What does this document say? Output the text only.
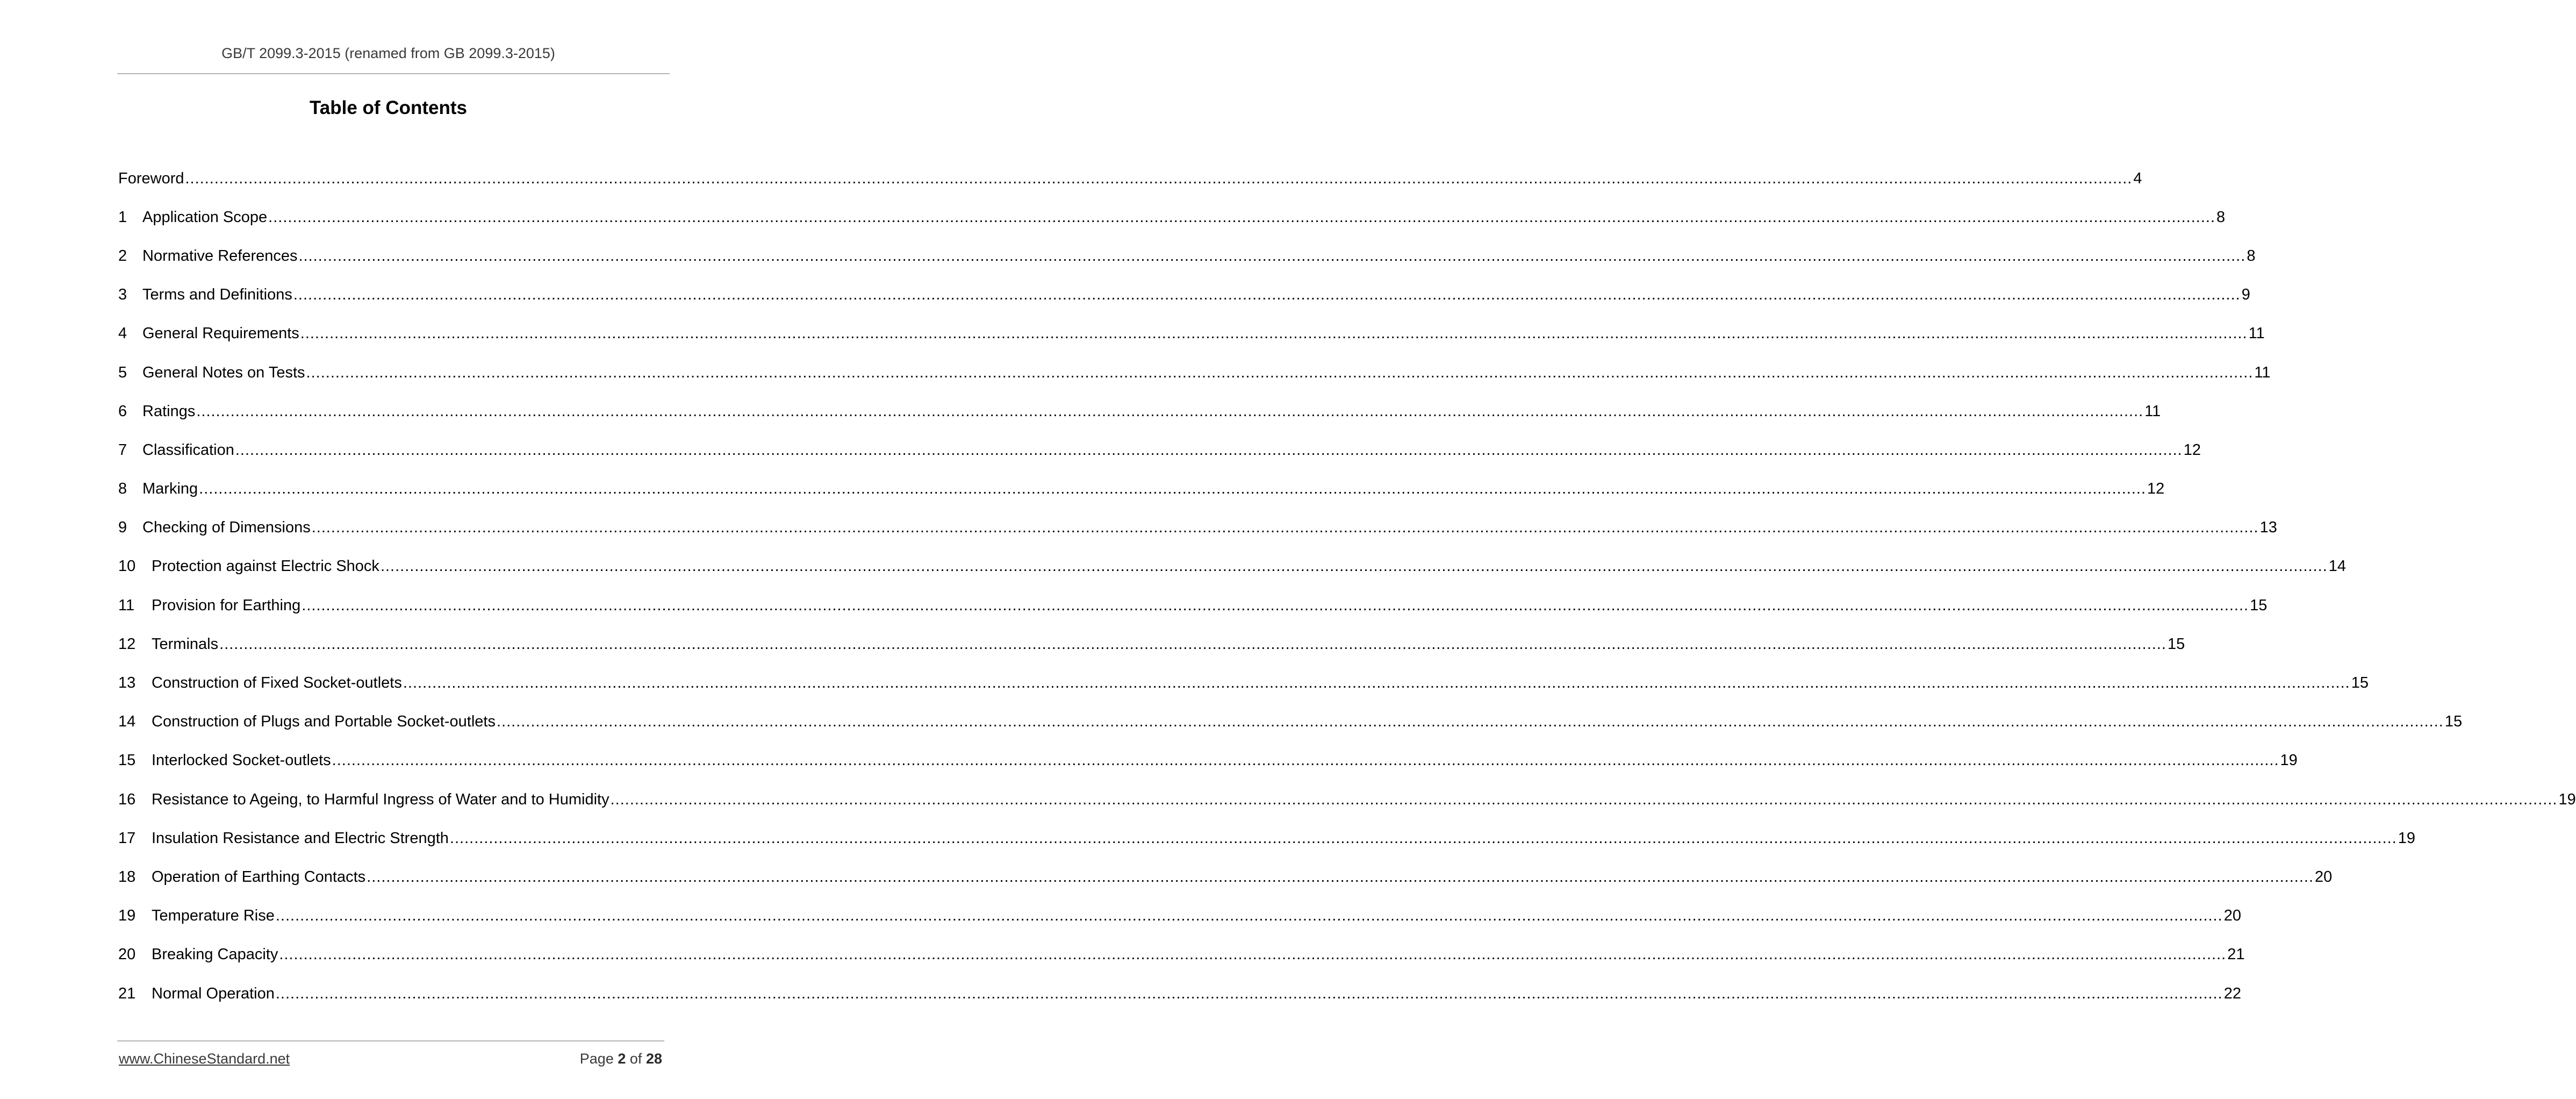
GB/T 2099.3-2015 (renamed from GB 2099.3-2015)
Table of Contents
Foreword ................................................................................................................................................................................................................................................................................................................................................................................................................ 4
1 Application Scope ................................................................................................................................................................................................................................................................................................................................................................................................................ 8
2 Normative References ................................................................................................................................................................................................................................................................................................................................................................................................................ 8
3 Terms and Definitions ................................................................................................................................................................................................................................................................................................................................................................................................................ 9
4 General Requirements ................................................................................................................................................................................................................................................................................................................................................................................................................ 11
5 General Notes on Tests ................................................................................................................................................................................................................................................................................................................................................................................................................ 11
6 Ratings ................................................................................................................................................................................................................................................................................................................................................................................................................ 11
7 Classification ................................................................................................................................................................................................................................................................................................................................................................................................................ 12
8 Marking ................................................................................................................................................................................................................................................................................................................................................................................................................ 12
9 Checking of Dimensions ................................................................................................................................................................................................................................................................................................................................................................................................................ 13
10	Protection against Electric Shock ................................................................................................................................................................................................................................................................................................................................................................................................................ 14
11	Provision for Earthing ................................................................................................................................................................................................................................................................................................................................................................................................................ 15
12	Terminals ................................................................................................................................................................................................................................................................................................................................................................................................................ 15
13	Construction of Fixed Socket-outlets ................................................................................................................................................................................................................................................................................................................................................................................................................ 15
14	Construction of Plugs and Portable Socket-outlets ................................................................................................................................................................................................................................................................................................................................................................................................................ 15
15	Interlocked Socket-outlets ................................................................................................................................................................................................................................................................................................................................................................................................................ 19
16	Resistance to Ageing, to Harmful Ingress of Water and to Humidity ................................................................................................................................................................................................................................................................................................................................................................................................................ 19
17	Insulation Resistance and Electric Strength ................................................................................................................................................................................................................................................................................................................................................................................................................ 19
18	Operation of Earthing Contacts ................................................................................................................................................................................................................................................................................................................................................................................................................ 20
19	Temperature Rise ................................................................................................................................................................................................................................................................................................................................................................................................................ 20
20	Breaking Capacity ................................................................................................................................................................................................................................................................................................................................................................................................................ 21
21	Normal Operation ................................................................................................................................................................................................................................................................................................................................................................................................................ 22
www.ChineseStandard.net	Page 2 of 28
